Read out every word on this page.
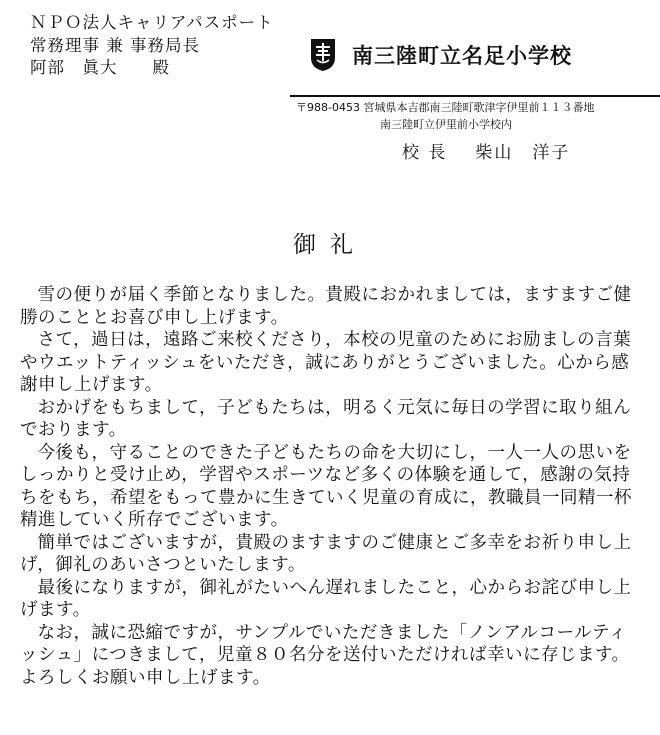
ＮＰＯ法人キャリアパスポート
常務理事 兼 事務局長
阿部　眞大　　殿	南三陸町立名足小学校
〒988-0453 宮城県本吉郡南三陸町歌津字伊里前１１３番地
南三陸町立伊里前小学校内
校 長 柴山　洋子
御礼

雪の便りが届く季節となりました。貴殿におかれましては，ますますご健勝のこととお喜び申し上げます。

さて，過日は，遠路ご来校くださり，本校の児童のためにお励ましの言葉やウエットティッシュをいただき，誠にありがとうございました。心から感謝申し上げます。

おかげをもちまして，子どもたちは，明るく元気に毎日の学習に取り組んでおります。

今後も，守ることのできた子どもたちの命を大切にし，一人一人の思いをしっかりと受け止め，学習やスポーツなど多くの体験を通して，感謝の気持ちをもち，希望をもって豊かに生きていく児童の育成に，教職員一同精一杯精進していく所存でございます。

簡単ではございますが，貴殿のますますのご健康とご多幸をお祈り申し上げ，御礼のあいさつといたします。

最後になりますが，御礼がたいへん遅れましたこと，心からお詫び申し上げます。

なお，誠に恐縮ですが，サンプルでいただきました「ノンアルコールティッシュ」につきまして，児童８０名分を送付いただければ幸いに存じます。よろしくお願い申し上げます。
